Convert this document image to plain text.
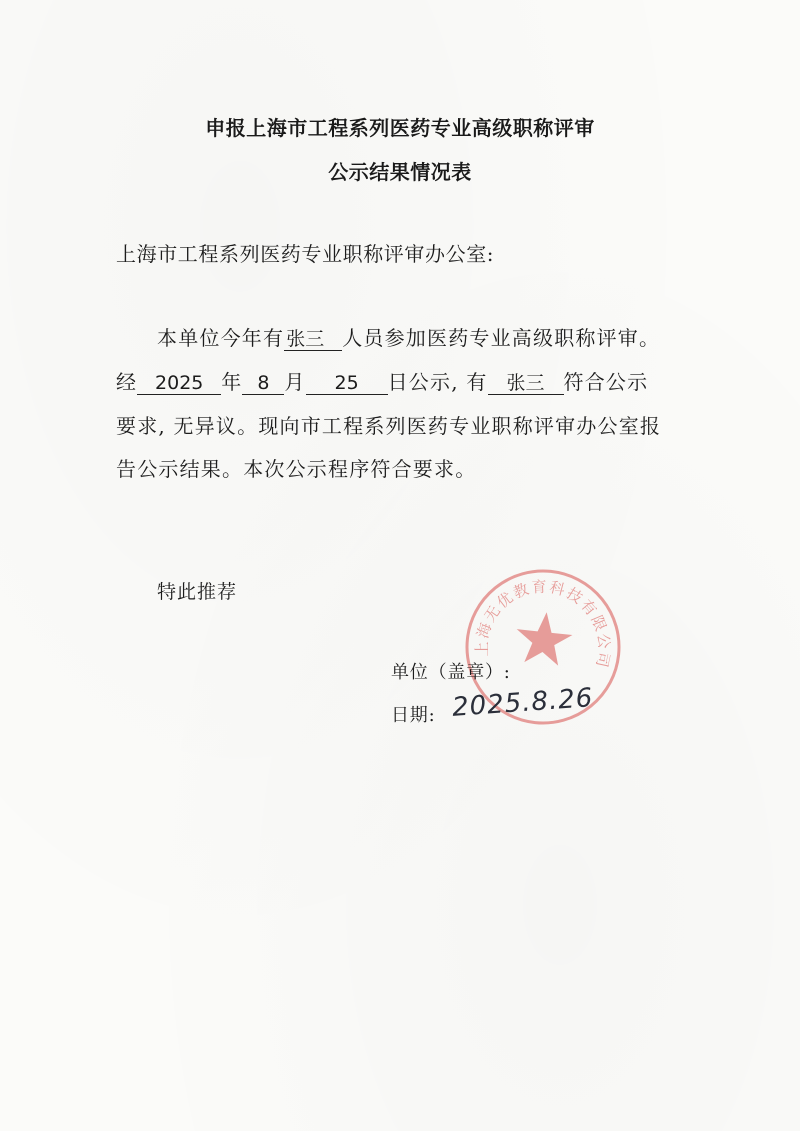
申报上海市工程系列医药专业高级职称评审
公示结果情况表
上海市工程系列医药专业职称评审办公室:
本单位今年有 张三 人员参加医药专业高级职称评审。
经 2025 年 8 月 25 日公示, 有 张三 符合公示
要求, 无异议。现向市工程系列医药专业职称评审办公室报
告公示结果。本次公示程序符合要求。
特此推荐
上海无优教育科技有限公司
单位（盖章）:
日期: 2025.8.26
